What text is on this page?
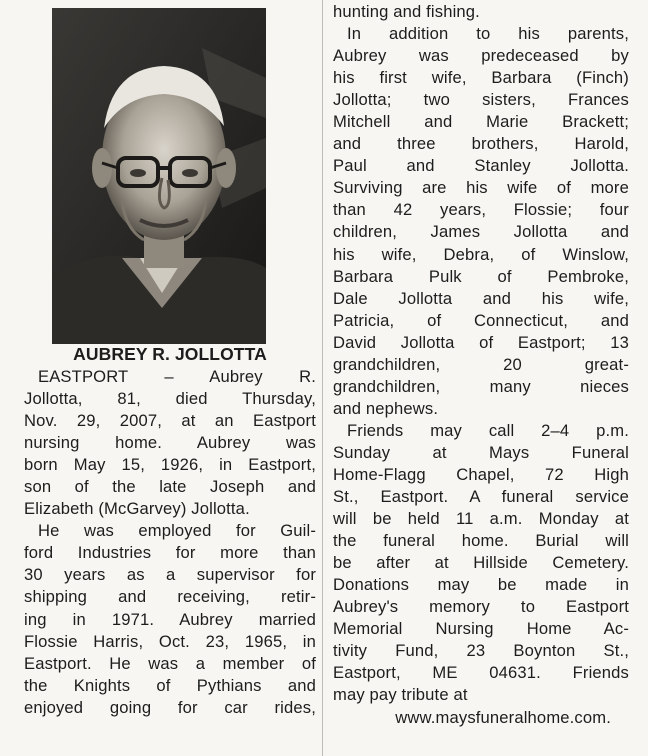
AUBREY R. JOLLOTTA
EASTPORT – Aubrey R.
Jollotta, 81, died Thursday,
Nov. 29, 2007, at an Eastport
nursing home. Aubrey was
born May 15, 1926, in Eastport,
son of the late Joseph and
Elizabeth (McGarvey) Jollotta.
He was employed for Guil-
ford Industries for more than
30 years as a supervisor for
shipping and receiving, retir-
ing in 1971. Aubrey married
Flossie Harris, Oct. 23, 1965, in
Eastport. He was a member of
the Knights of Pythians and
enjoyed going for car rides,
hunting and fishing.
In addition to his parents,
Aubrey was predeceased by
his first wife, Barbara (Finch)
Jollotta; two sisters, Frances
Mitchell and Marie Brackett;
and three brothers, Harold,
Paul and Stanley Jollotta.
Surviving are his wife of more
than 42 years, Flossie; four
children, James Jollotta and
his wife, Debra, of Winslow,
Barbara Pulk of Pembroke,
Dale Jollotta and his wife,
Patricia, of Connecticut, and
David Jollotta of Eastport; 13
grandchildren, 20 great-
grandchildren, many nieces
and nephews.
Friends may call 2–4 p.m.
Sunday at Mays Funeral
Home-Flagg Chapel, 72 High
St., Eastport. A funeral service
will be held 11 a.m. Monday at
the funeral home. Burial will
be after at Hillside Cemetery.
Donations may be made in
Aubrey's memory to Eastport
Memorial Nursing Home Ac-
tivity Fund, 23 Boynton St.,
Eastport, ME 04631. Friends
may pay tribute at
www.maysfuneralhome.com.
